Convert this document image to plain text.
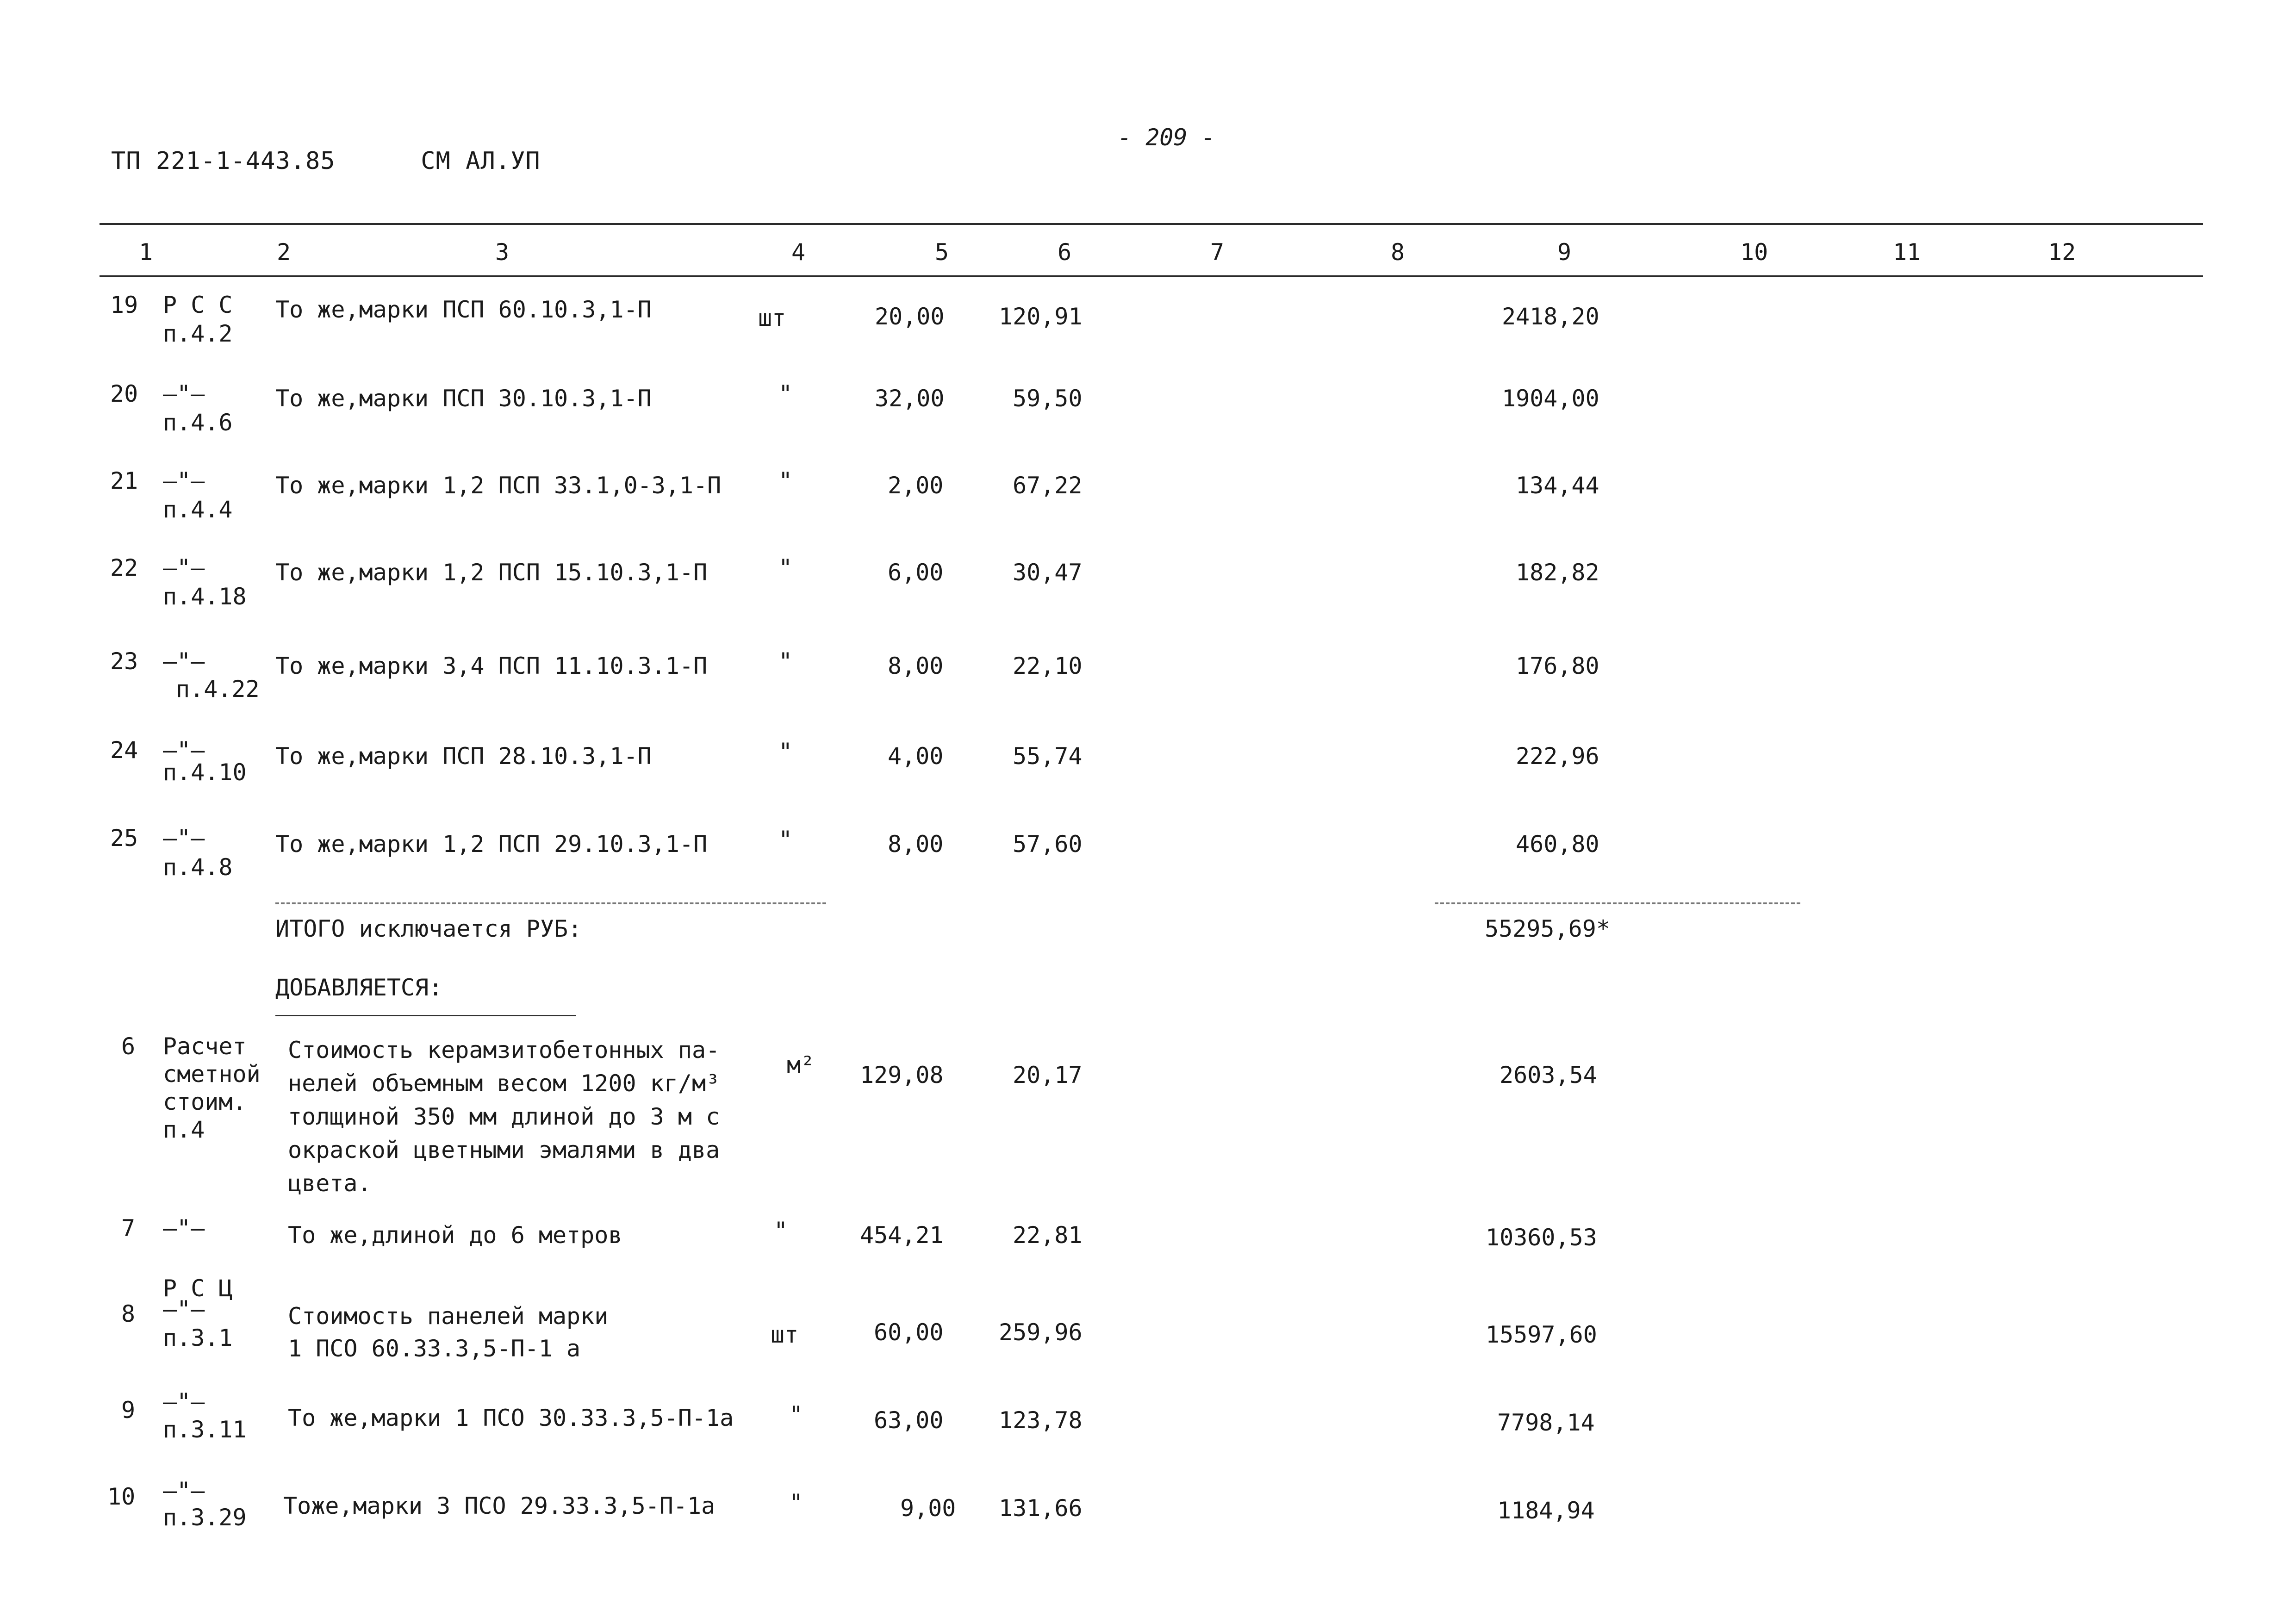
ТП 221-1-443.85	СМ АЛ.УП
- 209 -
1	2	3	4	5	6	7	8	9	10	11	12
19 Р С С
п.4.2
То же,марки ПСП 60.10.3,1-П	шт	20,00 120,91	2418,20
20 —"—
п.4.6
То же,марки ПСП 30.10.3,1-П	"	32,00	59,50	1904,00
21 —"—
п.4.4
То же,марки 1,2 ПСП 33.1,0-3,1-П "	2,00	67,22	134,44
22 —"—
п.4.18
То же,марки 1,2 ПСП 15.10.3,1-П	"	6,00	30,47	182,82
23 —"—
п.4.22
То же,марки 3,4 ПСП 11.10.3.1-П	"	8,00	22,10	176,80
24 —"—
п.4.10
То же,марки ПСП 28.10.3,1-П	"	4,00	55,74	222,96
25 —"—
п.4.8
То же,марки 1,2 ПСП 29.10.3,1-П	"	8,00	57,60	460,80
ИТОГО исключается РУБ:	55295,69*
ДОБАВЛЯЕТСЯ:
6 Расчет
сметной
стоим.
п.4
Стоимость керамзитобетонных па-
нелей объемным весом 1200 кг/м³
толщиной 350 мм длиной до 3 м с
окраской цветными эмалями в два
цвета.
м² 129,08	20,17	2603,54
7 —"—	То же,длиной до 6 метров	"	454,21	22,81	10360,53
8
Р С Ц
—"—
п.3.1
Стоимость панелей марки
1 ПСО 60.33.3,5-П-1 а
шт	60,00 259,96	15597,60
9 —"—
п.3.11 То же,марки 1 ПСО 30.33.3,5-П-1а "	63,00 123,78	7798,14
10 —"—
п.3.29 Тоже,марки 3 ПСО 29.33.3,5-П-1а	"	9,00 131,66	1184,94
